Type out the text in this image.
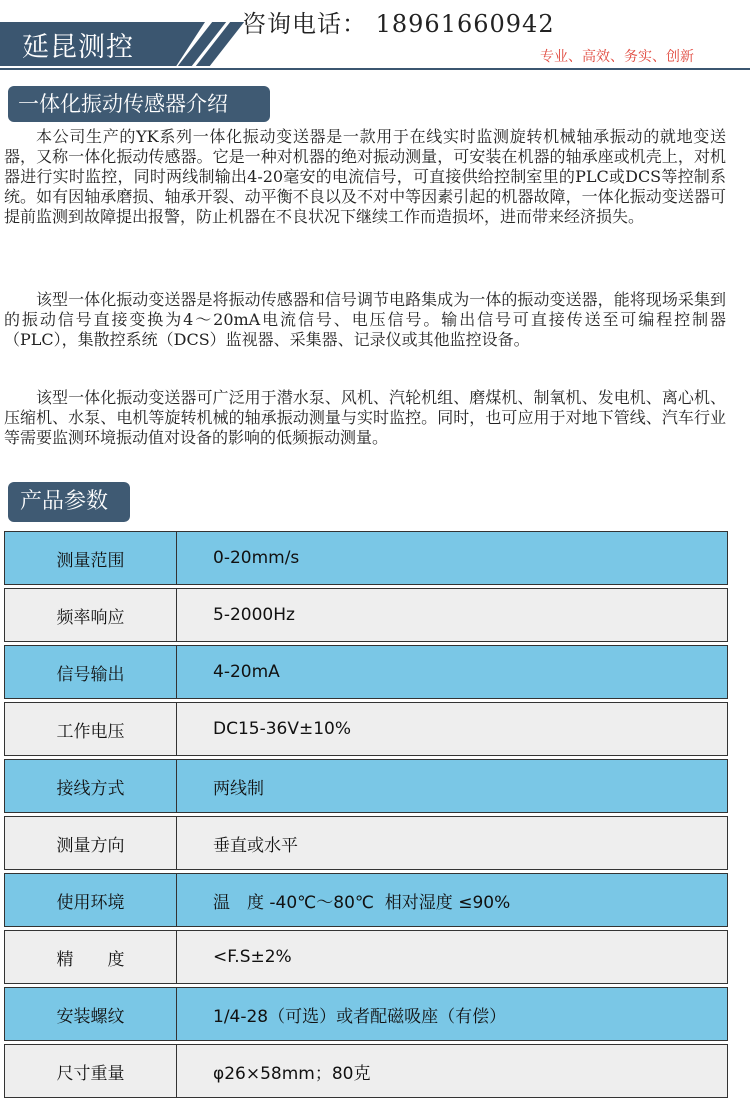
延昆测控
咨询电话： 18961660942
专业、高效、务实、创新
一体化振动传感器介绍

本公司生产的YK系列一体化振动变送器是一款用于在线实时监测旋转机械轴承振动的就地变送器，又称一体化振动传感器。它是一种对机器的绝对振动测量，可安装在机器的轴承座或机壳上，对机器进行实时监控，同时两线制输出4-20毫安的电流信号，可直接供给控制室里的PLC或DCS等控制系统。如有因轴承磨损、轴承开裂、动平衡不良以及不对中等因素引起的机器故障，一体化振动变送器可提前监测到故障提出报警，防止机器在不良状况下继续工作而造损坏，进而带来经济损失。

该型一体化振动变送器是将振动传感器和信号调节电路集成为一体的振动变送器，能将现场采集到的振动信号直接变换为4～20mA电流信号、电压信号。输出信号可直接传送至可编程控制器（PLC），集散控系统（DCS）监视器、采集器、记录仪或其他监控设备。

该型一体化振动变送器可广泛用于潜水泵、风机、汽轮机组、磨煤机、制氧机、发电机、离心机、压缩机、水泵、电机等旋转机械的轴承振动测量与实时监控。同时，也可应用于对地下管线、汽车行业等需要监测环境振动值对设备的影响的低频振动测量。

产品参数
测量范围	0-20mm/s
频率响应	5-2000Hz
信号输出	4-20mA
工作电压	DC15-36V±10%
接线方式	两线制
测量方向	垂直或水平
使用环境	温　度 -40℃～80℃  相对湿度 ≤90%
精　　度	<F.S±2%
安装螺纹	1/4-28（可选）或者配磁吸座（有偿）
尺寸重量	φ26×58mm；80克
